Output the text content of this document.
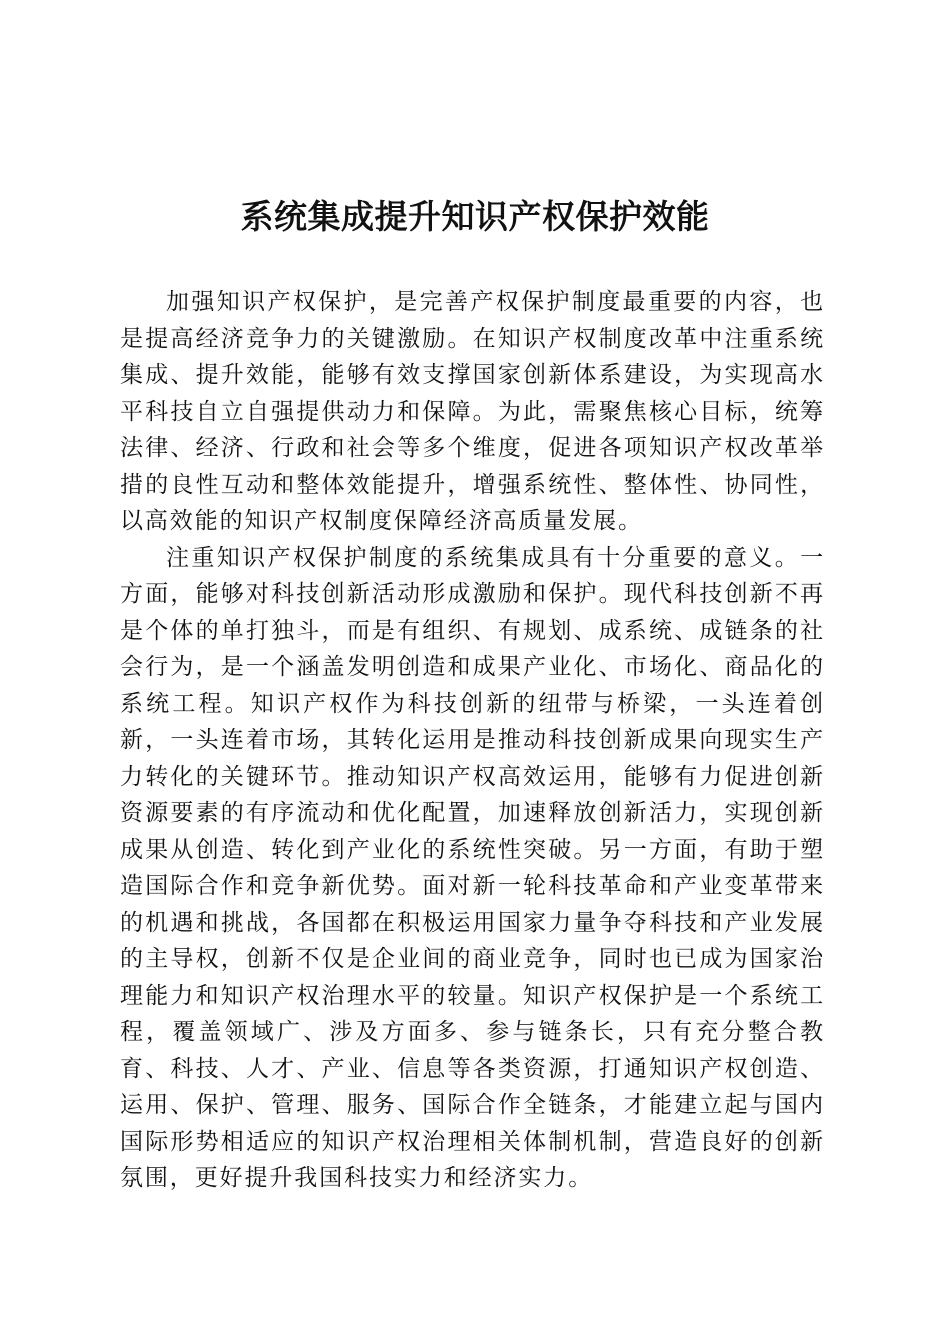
系统集成提升知识产权保护效能

加强知识产权保护，是完善产权保护制度最重要的内容，也是提高经济竞争力的关键激励。在知识产权制度改革中注重系统集成、提升效能，能够有效支撑国家创新体系建设，为实现高水平科技自立自强提供动力和保障。为此，需聚焦核心目标，统筹法律、经济、行政和社会等多个维度，促进各项知识产权改革举措的良性互动和整体效能提升，增强系统性、整体性、协同性，以高效能的知识产权制度保障经济高质量发展。

注重知识产权保护制度的系统集成具有十分重要的意义。一方面，能够对科技创新活动形成激励和保护。现代科技创新不再是个体的单打独斗，而是有组织、有规划、成系统、成链条的社会行为，是一个涵盖发明创造和成果产业化、市场化、商品化的系统工程。知识产权作为科技创新的纽带与桥梁，一头连着创新，一头连着市场，其转化运用是推动科技创新成果向现实生产力转化的关键环节。推动知识产权高效运用，能够有力促进创新资源要素的有序流动和优化配置，加速释放创新活力，实现创新成果从创造、转化到产业化的系统性突破。另一方面，有助于塑造国际合作和竞争新优势。面对新一轮科技革命和产业变革带来的机遇和挑战，各国都在积极运用国家力量争夺科技和产业发展的主导权，创新不仅是企业间的商业竞争，同时也已成为国家治理能力和知识产权治理水平的较量。知识产权保护是一个系统工程，覆盖领域广、涉及方面多、参与链条长，只有充分整合教育、科技、人才、产业、信息等各类资源，打通知识产权创造、运用、保护、管理、服务、国际合作全链条，才能建立起与国内国际形势相适应的知识产权治理相关体制机制，营造良好的创新氛围，更好提升我国科技实力和经济实力。
